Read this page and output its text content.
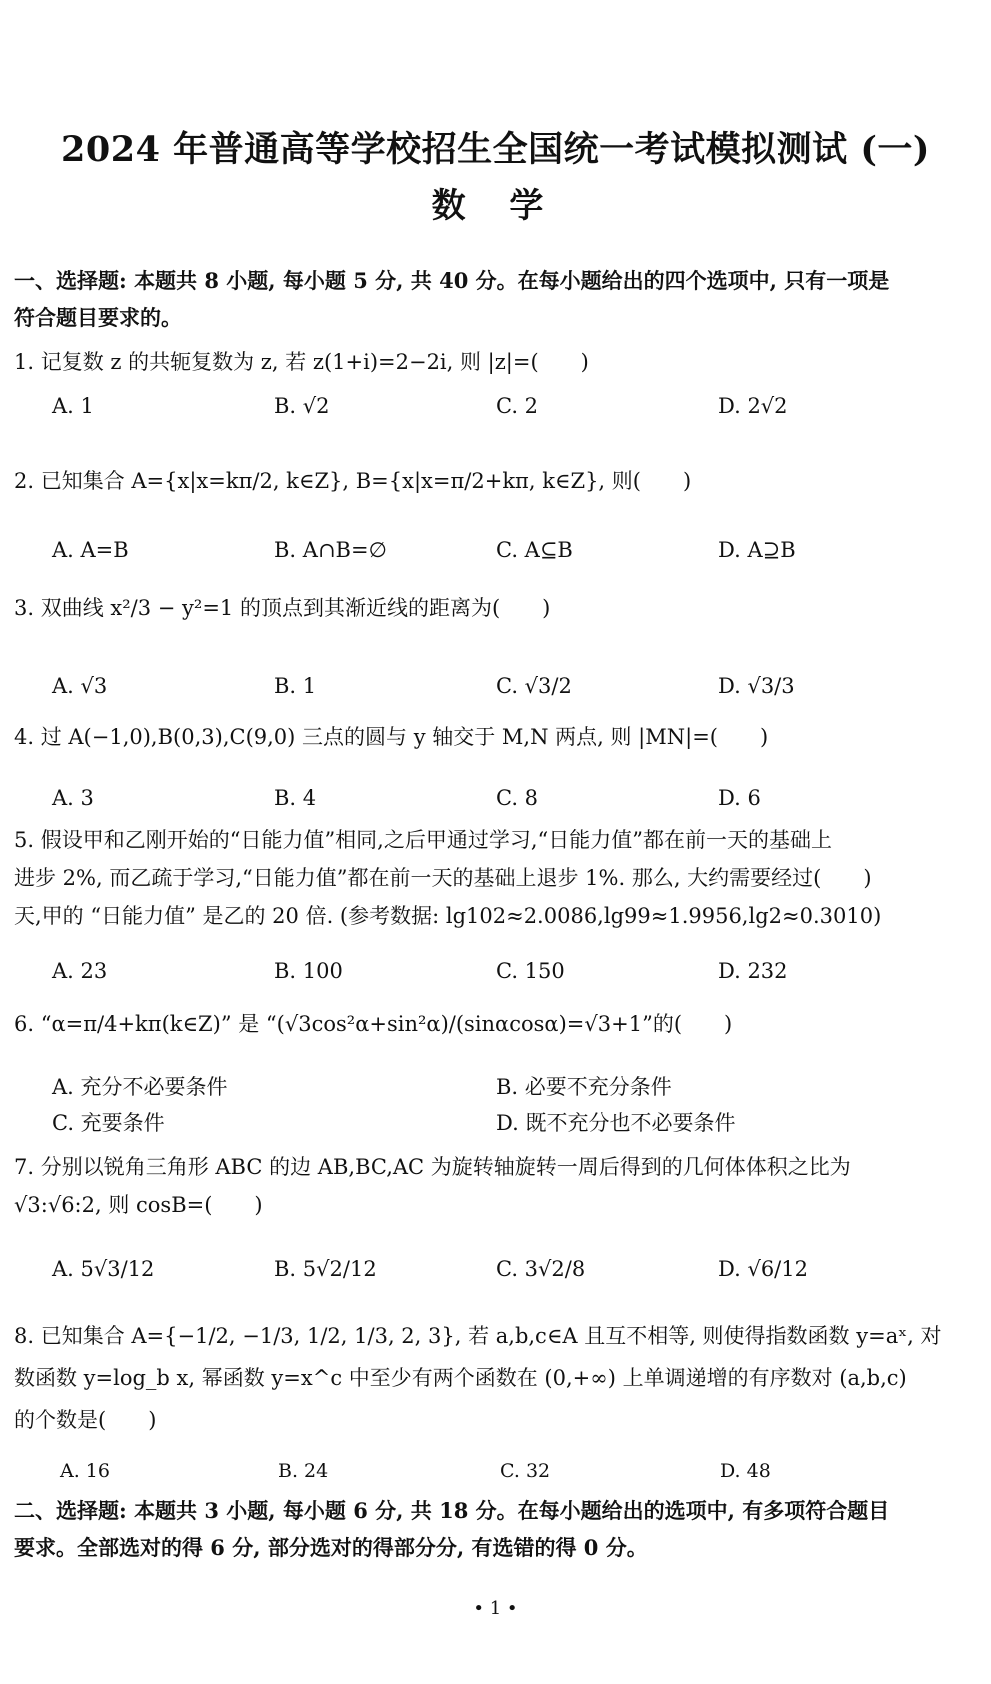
2024 年普通高等学校招生全国统一考试模拟测试 (一)
数 学
一、选择题: 本题共 8 小题, 每小题 5 分, 共 40 分。在每小题给出的四个选项中, 只有一项是
符合题目要求的。
1. 记复数 z 的共轭复数为 z, 若 z(1+i)=2−2i, 则 |z|=(　　)
A. 1	B. √2	C. 2	D. 2√2
2. 已知集合 A={x|x=kπ/2, k∈Z}, B={x|x=π/2+kπ, k∈Z}, 则(　　)
A. A=B	B. A∩B=∅	C. A⊆B	D. A⊇B
3. 双曲线 x²/3 − y²=1 的顶点到其渐近线的距离为(　　)
A. √3	B. 1	C. √3/2	D. √3/3
4. 过 A(−1,0),B(0,3),C(9,0) 三点的圆与 y 轴交于 M,N 两点, 则 |MN|=(　　)
A. 3	B. 4	C. 8	D. 6
5. 假设甲和乙刚开始的“日能力值”相同,之后甲通过学习,“日能力值”都在前一天的基础上
进步 2%, 而乙疏于学习,“日能力值”都在前一天的基础上退步 1%. 那么, 大约需要经过(　　)
天,甲的 “日能力值” 是乙的 20 倍. (参考数据: lg102≈2.0086,lg99≈1.9956,lg2≈0.3010)
A. 23	B. 100	C. 150	D. 232
6. “α=π/4+kπ(k∈Z)” 是 “(√3cos²α+sin²α)/(sinαcosα)=√3+1”的(　　)
A. 充分不必要条件	B. 必要不充分条件
C. 充要条件	D. 既不充分也不必要条件
7. 分别以锐角三角形 ABC 的边 AB,BC,AC 为旋转轴旋转一周后得到的几何体体积之比为
√3:√6:2, 则 cosB=(　　)
A. 5√3/12	B. 5√2/12	C. 3√2/8	D. √6/12
8. 已知集合 A={−1/2, −1/3, 1/2, 1/3, 2, 3}, 若 a,b,c∈A 且互不相等, 则使得指数函数 y=aˣ, 对
数函数 y=log_b x, 幂函数 y=x^c 中至少有两个函数在 (0,+∞) 上单调递增的有序数对 (a,b,c)
的个数是(　　)
A. 16	B. 24	C. 32	D. 48
二、选择题: 本题共 3 小题, 每小题 6 分, 共 18 分。在每小题给出的选项中, 有多项符合题目
要求。全部选对的得 6 分, 部分选对的得部分分, 有选错的得 0 分。
• 1 •
